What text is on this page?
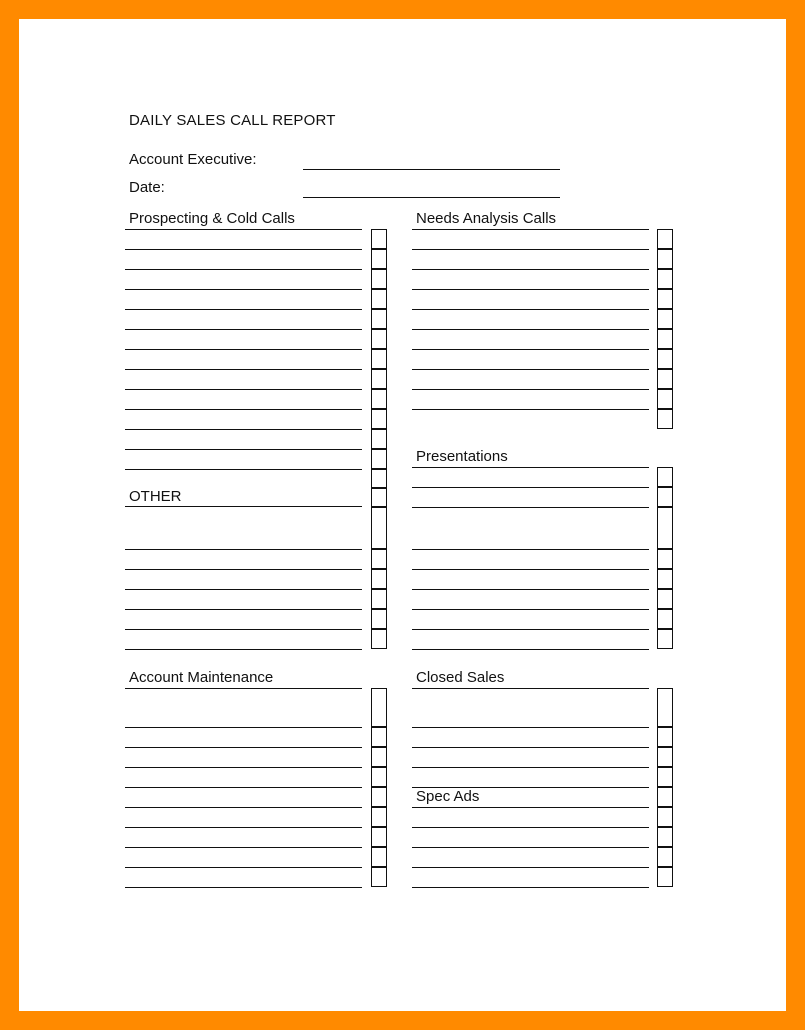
DAILY SALES CALL REPORT
Account Executive:
Date:
Prospecting & Cold Calls	Needs Analysis Calls
Presentations
OTHER
Account Maintenance	Closed Sales
Spec Ads
